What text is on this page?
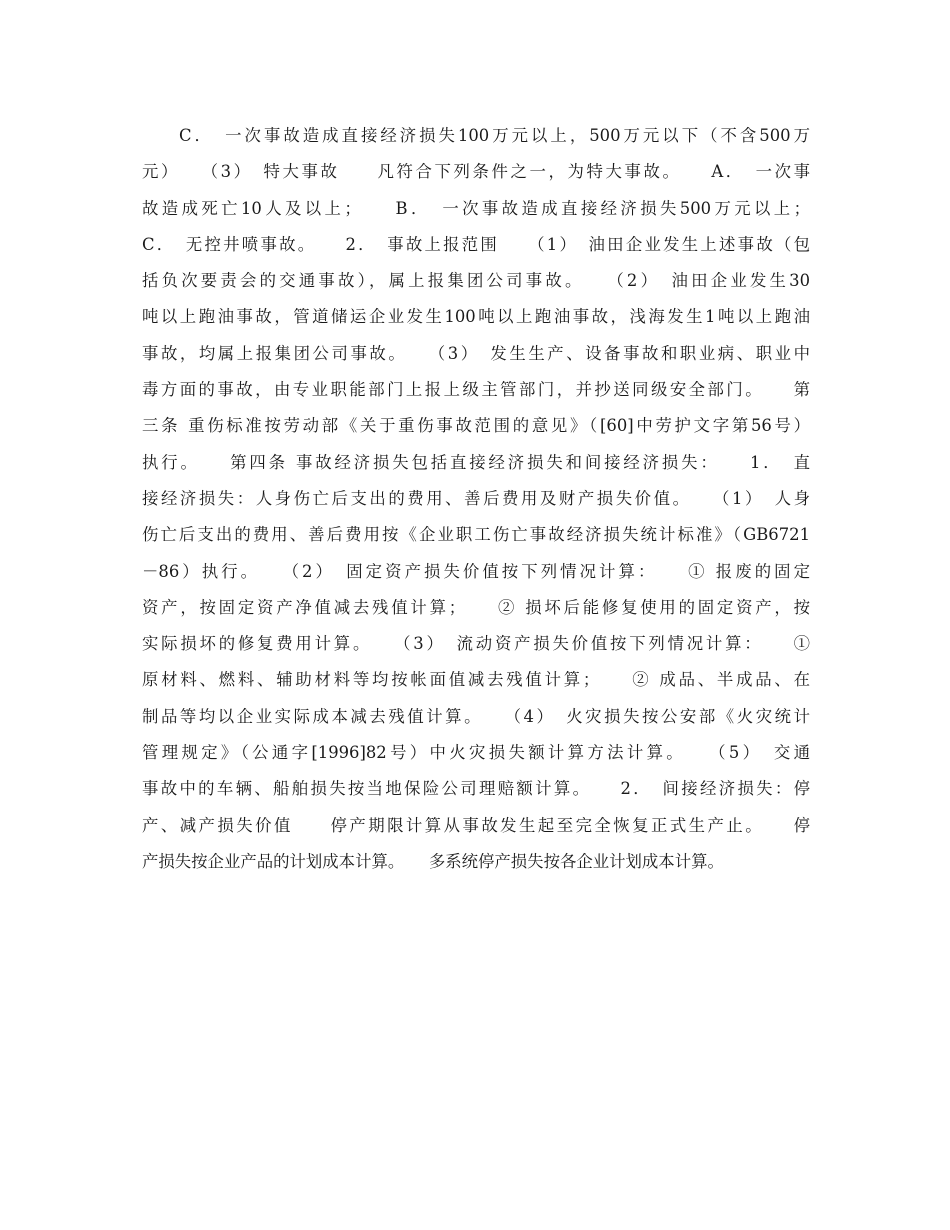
C．　一次事故造成直接经济损失100万元以上，500万元以下（不含500万
元）　　（3）　特大事故　　凡符合下列条件之一，为特大事故。　　A．　一次事
故造成死亡10人及以上；　　B．　一次事故造成直接经济损失500万元以上；
C．　无控井喷事故。　　2．　事故上报范围　　（1）　油田企业发生上述事故（包
括负次要责会的交通事故），属上报集团公司事故。　　（2）　油田企业发生30
吨以上跑油事故，管道储运企业发生100吨以上跑油事故，浅海发生1吨以上跑油
事故，均属上报集团公司事故。　　（3）　发生生产、设备事故和职业病、职业中
毒方面的事故，由专业职能部门上报上级主管部门，并抄送同级安全部门。　　第
三条 重伤标准按劳动部《关于重伤事故范围的意见》（[60]中劳护文字第56号）
执行。　　第四条 事故经济损失包括直接经济损失和间接经济损失：　　1．　直
接经济损失：人身伤亡后支出的费用、善后费用及财产损失价值。　　（1）　人身
伤亡后支出的费用、善后费用按《企业职工伤亡事故经济损失统计标准》（GB6721
－86）执行。　　（2）　固定资产损失价值按下列情况计算：　　① 报废的固定
资产，按固定资产净值减去残值计算；　　② 损坏后能修复使用的固定资产，按
实际损坏的修复费用计算。　　（3）　流动资产损失价值按下列情况计算：　　①
原材料、燃料、辅助材料等均按帐面值减去残值计算；　　② 成品、半成品、在
制品等均以企业实际成本减去残值计算。　　（4）　火灾损失按公安部《火灾统计
管理规定》（公通字[1996]82号）中火灾损失额计算方法计算。　　（5）　交通
事故中的车辆、船舶损失按当地保险公司理赔额计算。　　2．　间接经济损失：停
产、减产损失价值　　停产期限计算从事故发生起至完全恢复正式生产止。　　停
产损失按企业产品的计划成本计算。　　多系统停产损失按各企业计划成本计算。
